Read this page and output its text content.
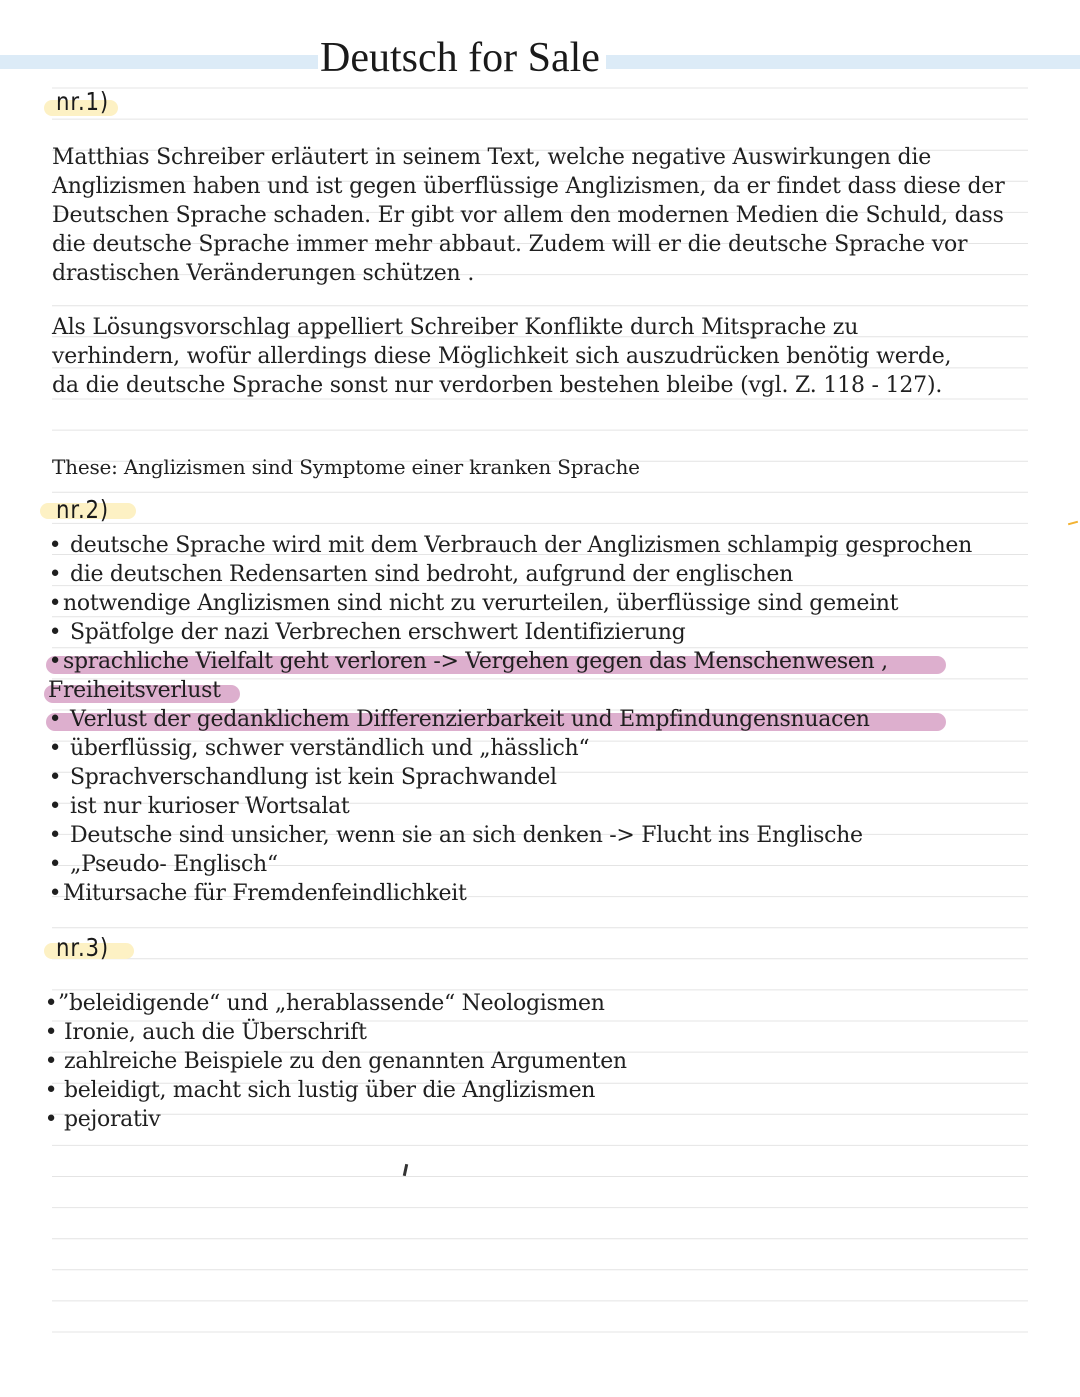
Deutsch for Sale
nr.1)

Matthias Schreiber erläutert in seinem Text, welche negative Auswirkungen die Anglizismen haben und ist gegen überflüssige Anglizismen, da er findet dass diese der Deutschen Sprache schaden. Er gibt vor allem den modernen Medien die Schuld, dass die deutsche Sprache immer mehr abbaut. Zudem will er die deutsche Sprache vor drastischen Veränderungen schützen .

Als Lösungsvorschlag appelliert Schreiber Konflikte durch Mitsprache zu verhindern, wofür allerdings diese Möglichkeit sich auszudrücken benötig werde, da die deutsche Sprache sonst nur verdorben bestehen bleibe (vgl. Z. 118 - 127).

These: Anglizismen sind Symptome einer kranken Sprache

nr.2)
• deutsche Sprache wird mit dem Verbrauch der Anglizismen schlampig gesprochen
• die deutschen Redensarten sind bedroht, aufgrund der englischen
• notwendige Anglizismen sind nicht zu verurteilen, überflüssige sind gemeint
• Spätfolge der nazi Verbrechen erschwert Identifizierung
• sprachliche Vielfalt geht verloren -> Vergehen gegen das Menschenwesen ,
Freiheitsverlust
• Verlust der gedanklichem Differenzierbarkeit und Empfindungensnuacen
• überflüssig, schwer verständlich und „hässlich“
• Sprachverschandlung ist kein Sprachwandel
• ist nur kurioser Wortsalat
• Deutsche sind unsicher, wenn sie an sich denken -> Flucht ins Englische
• „Pseudo- Englisch“
• Mitursache für Fremdenfeindlichkeit
nr.3)
• ”beleidigende“ und „herablassende“ Neologismen
• Ironie, auch die Überschrift
• zahlreiche Beispiele zu den genannten Argumenten
• beleidigt, macht sich lustig über die Anglizismen
• pejorativ
